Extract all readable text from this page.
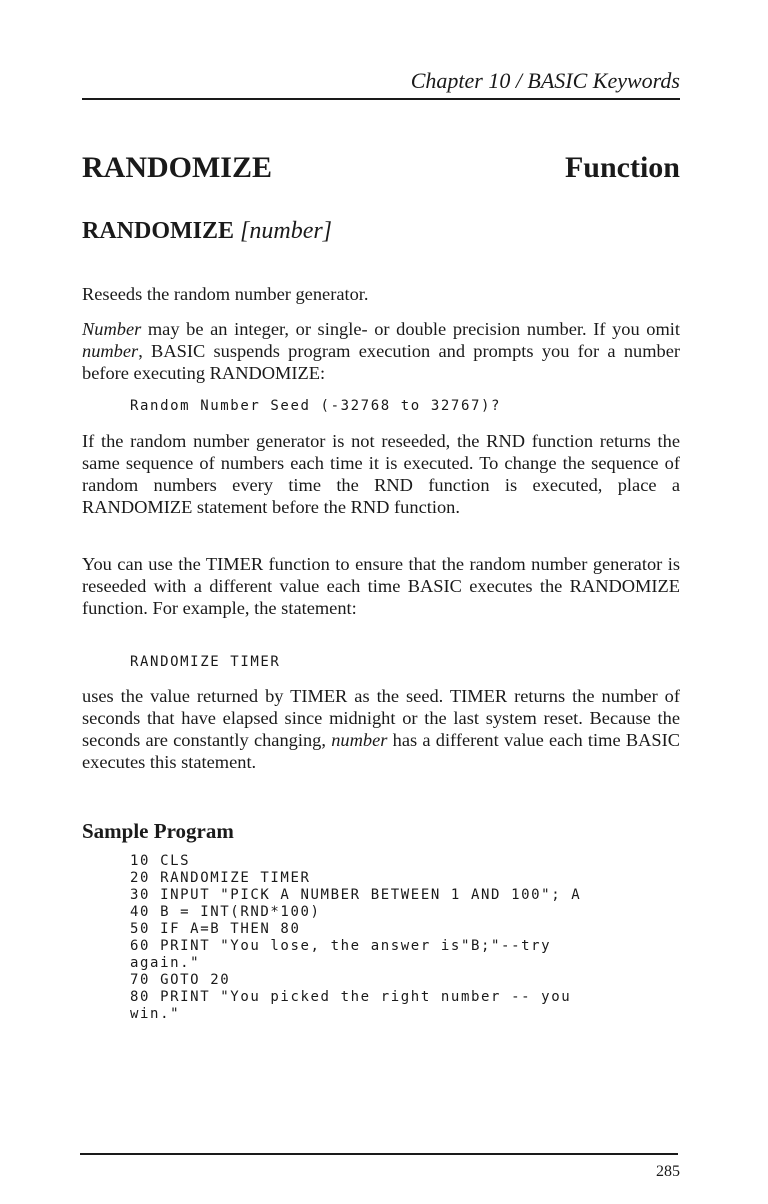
Chapter 10 / BASIC Keywords
RANDOMIZE	Function
RANDOMIZE [number]

Reseeds the random number generator.

Number may be an integer, or single- or double precision number. If you omit number, BASIC suspends program execution and prompts you for a number before executing RANDOMIZE:

Random Number Seed (-32768 to 32767)?

If the random number generator is not reseeded, the RND function returns the same sequence of numbers each time it is executed. To change the sequence of random numbers every time the RND function is executed, place a RANDOMIZE statement before the RND function.

You can use the TIMER function to ensure that the random number generator is reseeded with a different value each time BASIC executes the RANDOMIZE function. For example, the statement:

RANDOMIZE TIMER

uses the value returned by TIMER as the seed. TIMER returns the number of seconds that have elapsed since midnight or the last system reset. Because the seconds are constantly changing, number has a different value each time BASIC executes this statement.

Sample Program
10 CLS
20 RANDOMIZE TIMER
30 INPUT "PICK A NUMBER BETWEEN 1 AND 100"; A
40 B = INT(RND*100)
50 IF A=B THEN 80
60 PRINT "You lose, the answer is"B;"--try
again."
70 GOTO 20
80 PRINT "You picked the right number -- you
win."
285
